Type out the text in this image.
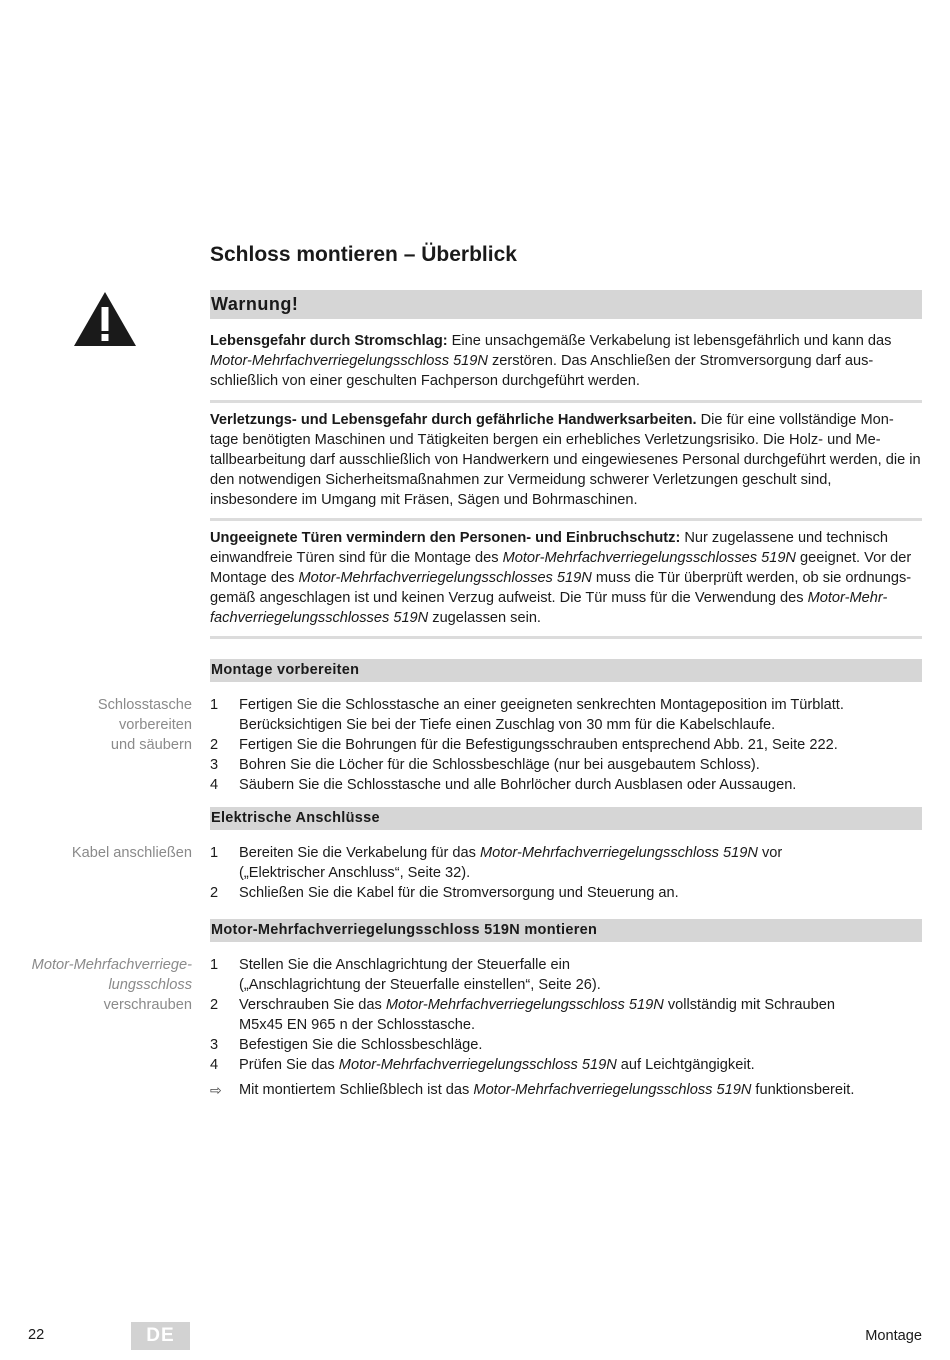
Schloss montieren – Überblick
Warnung!

Lebensgefahr durch Stromschlag: Eine unsachgemäße Verkabelung ist lebensgefährlich und kann das Motor-Mehrfachverriegelungsschloss 519N zerstören. Das Anschließen der Stromversorgung darf aus-schließlich von einer geschulten Fachperson durchgeführt werden.

Verletzungs- und Lebensgefahr durch gefährliche Handwerksarbeiten. Die für eine vollständige Mon-tage benötigten Maschinen und Tätigkeiten bergen ein erhebliches Verletzungsrisiko. Die Holz- und Me-tallbearbeitung darf ausschließlich von Handwerkern und eingewiesenes Personal durchgeführt werden, die in den notwendigen Sicherheitsmaßnahmen zur Vermeidung schwerer Verletzungen geschult sind, insbesondere im Umgang mit Fräsen, Sägen und Bohrmaschinen.

Ungeeignete Türen vermindern den Personen- und Einbruchschutz: Nur zugelassene und technisch einwandfreie Türen sind für die Montage des Motor-Mehrfachverriegelungsschlosses 519N geeignet. Vor der Montage des Motor-Mehrfachverriegelungsschlosses 519N muss die Tür überprüft werden, ob sie ordnungs-gemäß angeschlagen ist und keinen Verzug aufweist. Die Tür muss für die Verwendung des Motor-Mehr-fachverriegelungsschlosses 519N zugelassen sein.

Montage vorbereiten
Schlosstasche
vorbereiten
und säubern
1 Fertigen Sie die Schlosstasche an einer geeigneten senkrechten Montageposition im Türblatt.
Berücksichtigen Sie bei der Tiefe einen Zuschlag von 30 mm für die Kabelschlaufe.
2 Fertigen Sie die Bohrungen für die Befestigungsschrauben entsprechend Abb. 21, Seite 222.
3 Bohren Sie die Löcher für die Schlossbeschläge (nur bei ausgebautem Schloss).
4 Säubern Sie die Schlosstasche und alle Bohrlöcher durch Ausblasen oder Aussaugen.
Elektrische Anschlüsse
Kabel anschließen 1 Bereiten Sie die Verkabelung für das Motor-Mehrfachverriegelungsschloss 519N vor
(„Elektrischer Anschluss“, Seite 32).
2 Schließen Sie die Kabel für die Stromversorgung und Steuerung an.
Motor-Mehrfachverriegelungsschloss 519N montieren
Motor-Mehrfachverriege-
lungsschloss
verschrauben
1 Stellen Sie die Anschlagrichtung der Steuerfalle ein
(„Anschlagrichtung der Steuerfalle einstellen“, Seite 26).
2 Verschrauben Sie das Motor-Mehrfachverriegelungsschloss 519N vollständig mit Schrauben
M5x45 EN 965 n der Schlosstasche.
3 Befestigen Sie die Schlossbeschläge.
4 Prüfen Sie das Motor-Mehrfachverriegelungsschloss 519N auf Leichtgängigkeit.
⇨ Mit montiertem Schließblech ist das Motor-Mehrfachverriegelungsschloss 519N funktionsbereit.
22	DE	Montage
